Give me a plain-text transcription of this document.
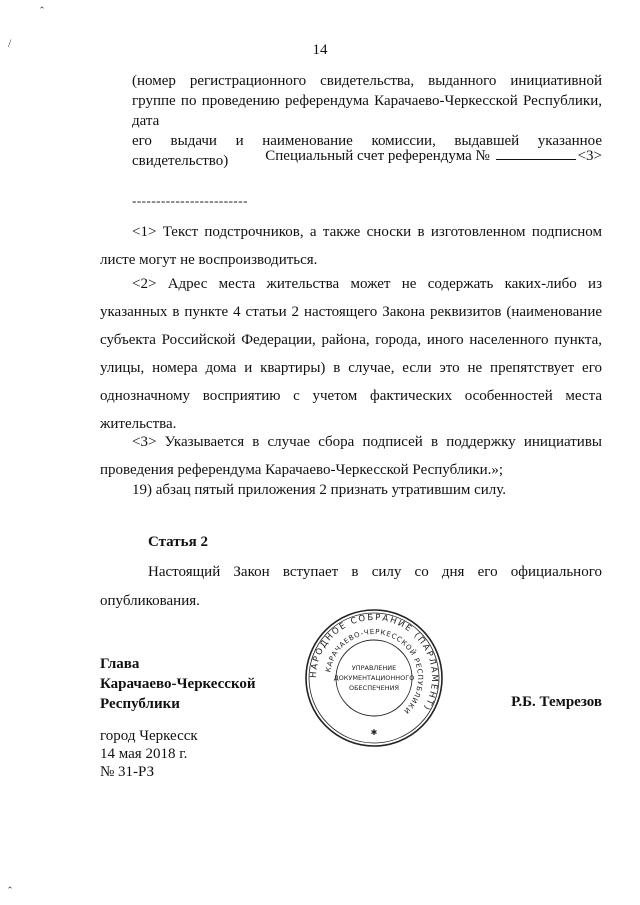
ˆ
/	14
(номер регистрационного свидетельства, выданного инициативной
группе по проведению референдума Карачаево-Черкесской Республики, дата
его выдачи и наименование комиссии, выдавшей указанное свидетельство)	Специальный счет референдума №	<3>
------------------------
<1> Текст подстрочников, а также сноски в изготовленном подписном
листе могут не воспроизводиться.
<2> Адрес места жительства может не содержать каких-либо из
указанных в пункте 4 статьи 2 настоящего Закона реквизитов (наименование
субъекта Российской Федерации, района, города, иного населенного пункта,
улицы, номера дома и квартиры) в случае, если это не препятствует его
однозначному восприятию с учетом фактических особенностей места
жительства.
<3> Указывается в случае сбора подписей в поддержку инициативы
проведения референдума Карачаево-Черкесской Республики.»;
19) абзац пятый приложения 2 признать утратившим силу.
Статья 2
Настоящий Закон вступает в силу со дня его официального
опубликования.
Глава
Карачаево-Черкесской
Республики
НАРОДНОЕ СОБРАНИЕ (ПАРЛАМЕНТ)
КАРАЧАЕВО-ЧЕРКЕССКОЙ РЕСПУБЛИКИ
УПРАВЛЕНИЕ
ДОКУМЕНТАЦИОННОГО
ОБЕСПЕЧЕНИЯ
✱
Р.Б. Темрезов
город Черкесск
14 мая 2018 г.
№ 31-РЗ
ˆ
